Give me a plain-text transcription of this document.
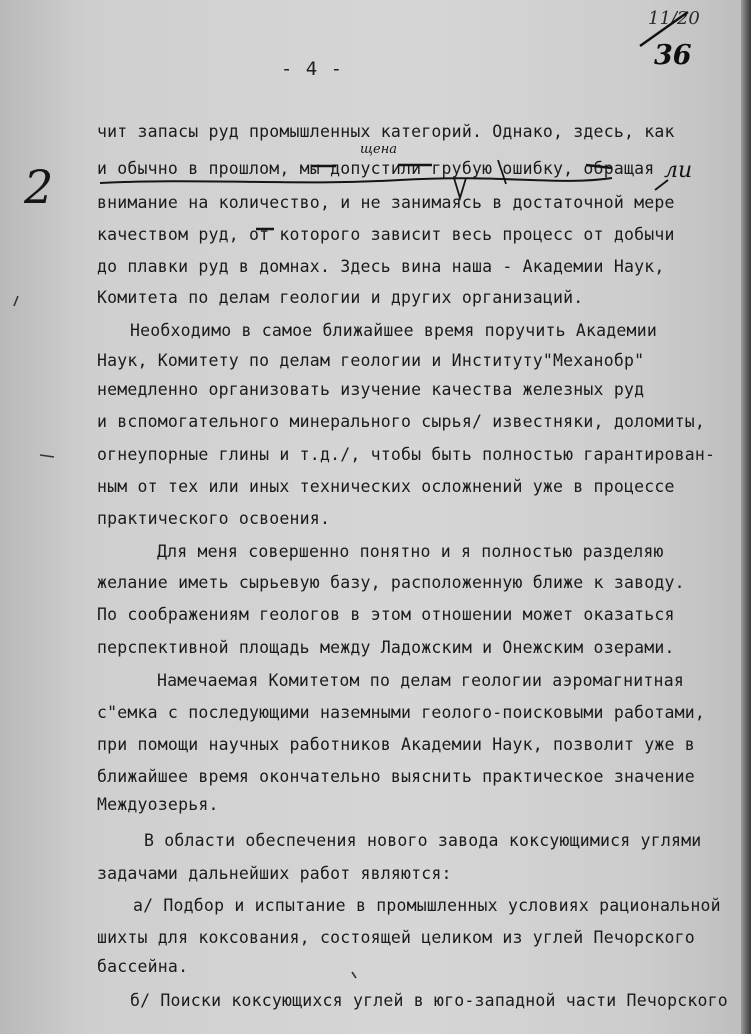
- 4 -
11/20
36
2
чит запасы руд промышленных категорий. Однако, здесь, как
и обычно в прошлом, мы допустили грубую ошибку, обращая
внимание на количество, и не занимаясь в достаточной мере
качеством руд, от которого зависит весь процесс от добычи
до плавки руд в домнах. Здесь вина наша - Академии Наук,
Комитета по делам геологии и других организаций.
Необходимо в самое ближайшее время поручить Академии
Наук, Комитету по делам геологии и Институту"Механобр"
немедленно организовать изучение качества железных руд
и вспомогательного минерального сырья/ известняки, доломиты,
огнеупорные глины и т.д./, чтобы быть полностью гарантирован-
ным от тех или иных технических осложнений уже в процессе
практического освоения.
Для меня совершенно понятно и я полностью разделяю
желание иметь сырьевую базу, расположенную ближе к заводу.
По соображениям геологов в этом отношении может оказаться
перспективной площадь между Ладожским и Онежским озерами.
Намечаемая Комитетом по делам геологии аэромагнитная
с"емка с последующими наземными геолого-поисковыми работами,
при помощи научных работников Академии Наук, позволит уже в
ближайшее время окончательно выяснить практическое значение
Междуозерья.
В области обеспечения нового завода коксующимися углями
задачами дальнейших работ являются:
а/ Подбор и испытание в промышленных условиях рациональной
шихты для коксования, состоящей целиком из углей Печорского
бассейна.
б/ Поиски коксующихся углей в юго-западной части Печорского
щена
ли
